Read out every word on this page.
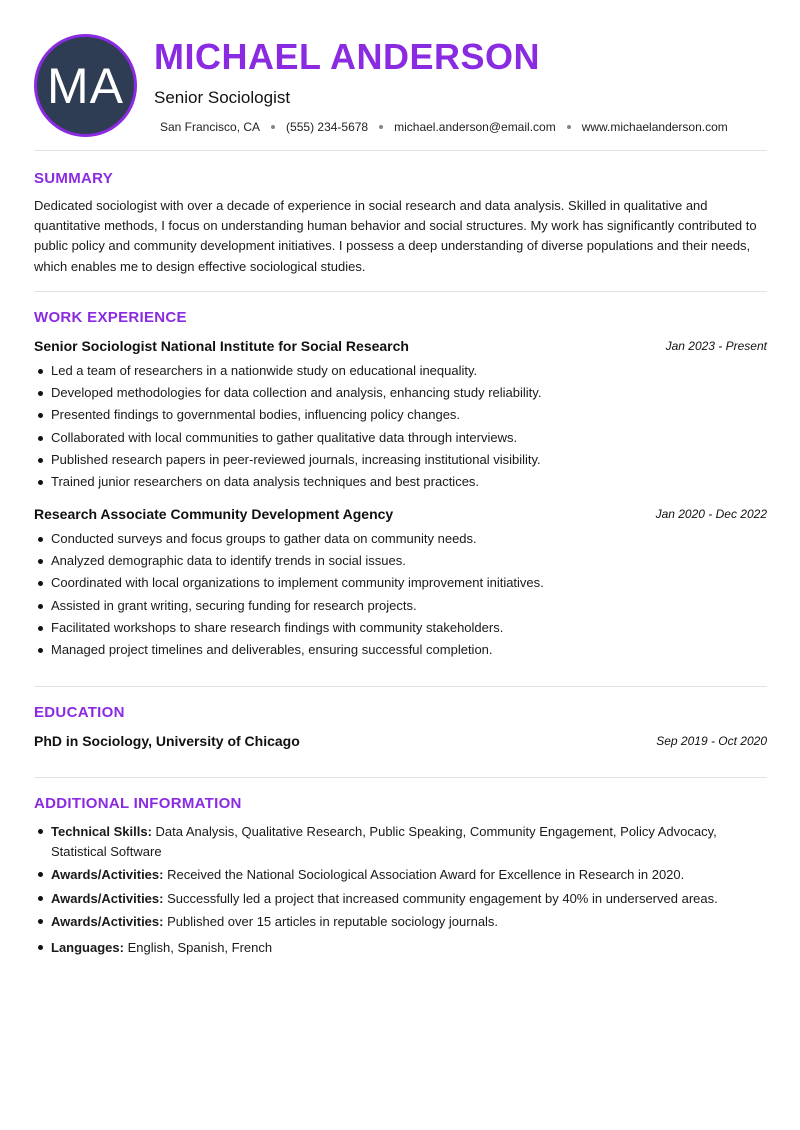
MA
MICHAEL ANDERSON
Senior Sociologist
San Francisco, CA (555) 234-5678 michael.anderson@email.com www.michaelanderson.com
SUMMARY

Dedicated sociologist with over a decade of experience in social research and data analysis. Skilled in qualitative and quantitative methods, I focus on understanding human behavior and social structures. My work has significantly contributed to public policy and community development initiatives. I possess a deep understanding of diverse populations and their needs, which enables me to design effective sociological studies.

WORK EXPERIENCE
Senior Sociologist National Institute for Social Research	Jan 2023 - Present
Led a team of researchers in a nationwide study on educational inequality.
Developed methodologies for data collection and analysis, enhancing study reliability.
Presented findings to governmental bodies, influencing policy changes.
Collaborated with local communities to gather qualitative data through interviews.
Published research papers in peer-reviewed journals, increasing institutional visibility.
Trained junior researchers on data analysis techniques and best practices.
Research Associate Community Development Agency	Jan 2020 - Dec 2022
Conducted surveys and focus groups to gather data on community needs.
Analyzed demographic data to identify trends in social issues.
Coordinated with local organizations to implement community improvement initiatives.
Assisted in grant writing, securing funding for research projects.
Facilitated workshops to share research findings with community stakeholders.
Managed project timelines and deliverables, ensuring successful completion.
EDUCATION
PhD in Sociology, University of Chicago	Sep 2019 - Oct 2020
ADDITIONAL INFORMATION
Technical Skills: Data Analysis, Qualitative Research, Public Speaking, Community Engagement, Policy Advocacy, Statistical Software
Awards/Activities: Received the National Sociological Association Award for Excellence in Research in 2020.
Awards/Activities: Successfully led a project that increased community engagement by 40% in underserved areas.
Awards/Activities: Published over 15 articles in reputable sociology journals.
Languages: English, Spanish, French
